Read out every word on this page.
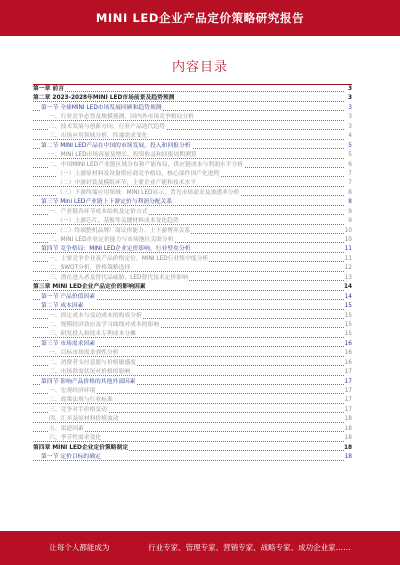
MINI LED企业产品定价策略研究报告
内容目录
第一章 前言	3
第二章 2023-2028年MINI LED市场前景及趋势预测	3
第一节 全球MINI LED市场发展回顾和趋势预测	3
一、行业竞争态势及规模预测，国内外市场竞争格局分析	3
二、技术发展与创新方向，行业产品迭代趋势	3
三、市场应用领域分析，终端需求变化	4
第二节 MINI LED产品在中国的市场发展，投入和回报分析	5
一、MINI LED市场容量及增长，投资收益和回报周期测算	5
二、中国MINI LED产业链区域分布和产能布局，供应链成本与利润水平分析	6
（一）上游原材料及设备供应商竞争格局，核心部件国产化进程	7
（二）中游封装及模组环节，主要企业产能和技术水平	7
（三）下游终端应用领域：MINI LED显示、背光市场需求及渗透率分析	8
第三节 Mini LED产业链上下游定价与利润分配关系	8
一、产业链各环节成本结构及定价方式	9
（一）上游芯片、基板等关键材料成本变化趋势	9
（二）终端整机品牌厂商议价能力，上下游博弈关系	10
二、MINI LED企业定价能力与市场地位关联分析	10
第四节 竞争格局：MINI LED企业定价影响，行业壁垒分析	11
一、主要竞争企业及产品价格定位，MINI LED行业集中度分析	11
二、SWOT分析，价格策略选择	12
三、潜在进入者及替代品威胁，LED替代技术定价影响	13
第三章 MINI LED企业产品定价的影响因素	14
第一节 产品价值因素	14
第二节 成本因素	15
一、固定成本与变动成本的构成分析	15
二、规模经济效应及学习曲线对成本的影响	15
三、研发投入和技术专利成本分摊	15
第三节 市场需求因素	16
一、目标市场需求弹性分析	16
二、消费者支付意愿与价格敏感度	16
三、市场供需状况对价格的影响	17
第四节 影响产品价格的其他外部因素	17
一、宏观经济环境	17
二、政策法规与行业标准	17
三、竞争对手价格变动	17
四、汇率及原材料价格波动	18
五、渠道因素	18
六、季节性需求变化	18
第四章 MINI LED企业定价策略制定	18
第一节 定价目标的确定	18
让每个人都能成为	行业专家、管理专家、营销专家、战略专家、成功企业家……
